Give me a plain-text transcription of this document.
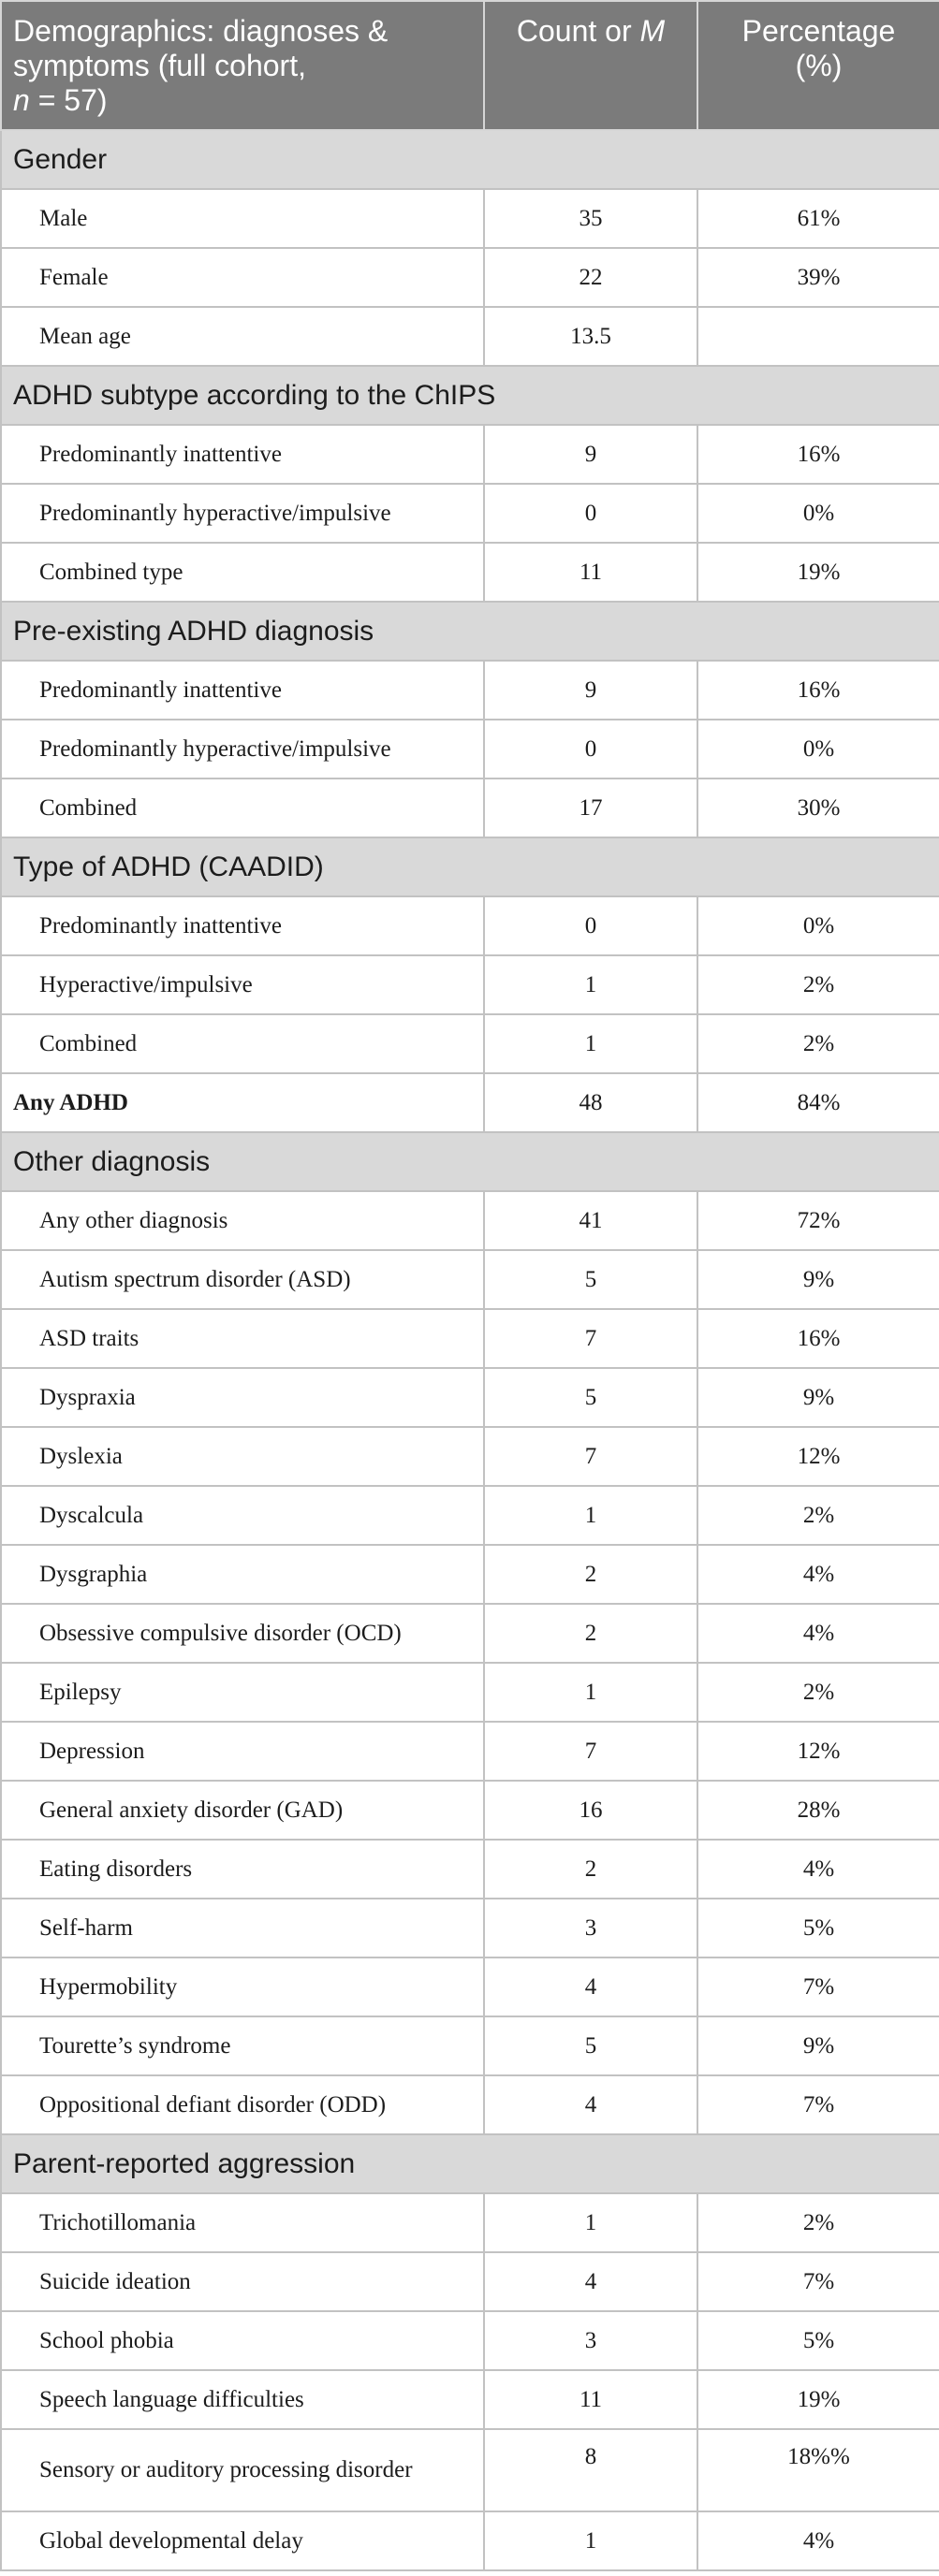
Demographics: diagnoses &
symptoms (full cohort,
n = 57)	Count or M	Percentage
(%)
Gender		
Male	35	61%
Female	22	39%
Mean age	13.5	
ADHD subtype according to the ChIPS		
Predominantly inattentive	9	16%
Predominantly hyperactive/impulsive	0	0%
Combined type	11	19%
Pre-existing ADHD diagnosis		
Predominantly inattentive	9	16%
Predominantly hyperactive/impulsive	0	0%
Combined	17	30%
Type of ADHD (CAADID)		
Predominantly inattentive	0	0%
Hyperactive/impulsive	1	2%
Combined	1	2%
Any ADHD	48	84%
Other diagnosis		
Any other diagnosis	41	72%
Autism spectrum disorder (ASD)	5	9%
ASD traits	7	16%
Dyspraxia	5	9%
Dyslexia	7	12%
Dyscalcula	1	2%
Dysgraphia	2	4%
Obsessive compulsive disorder (OCD)	2	4%
Epilepsy	1	2%
Depression	7	12%
General anxiety disorder (GAD)	16	28%
Eating disorders	2	4%
Self-harm	3	5%
Hypermobility	4	7%
Tourette’s syndrome	5	9%
Oppositional defiant disorder (ODD)	4	7%
Parent-reported aggression		
Trichotillomania	1	2%
Suicide ideation	4	7%
School phobia	3	5%
Speech language difficulties	11	19%
Sensory or auditory processing disorder	8	18%%
Global developmental delay	1	4%
